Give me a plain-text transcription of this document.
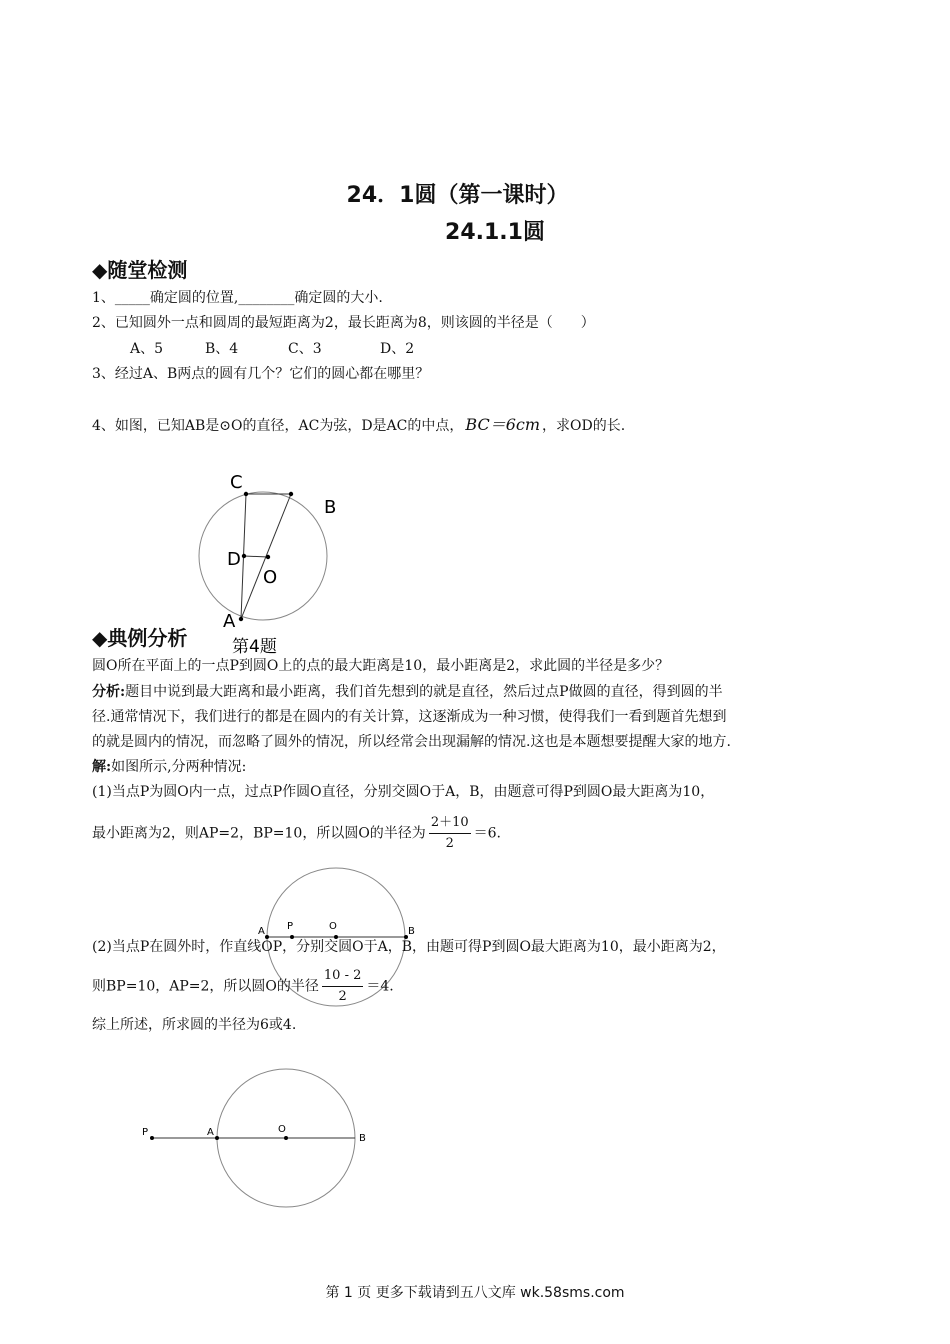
24．1圆（第一课时）
24.1.1圆
◆随堂检测
1、_____确定圆的位置,________确定圆的大小.
2、已知圆外一点和圆周的最短距离为2，最长距离为8，则该圆的半径是（　　）
A、5	B、4	C、3	D、2
3、经过A、B两点的圆有几个？它们的圆心都在哪里？
4、如图，已知AB是⊙O的直径，AC为弦，D是AC的中点， BC＝6cm ，求OD的长.
C
B
D
O
A
第4题
◆典例分析
圆O所在平面上的一点P到圆O上的点的最大距离是10，最小距离是2，求此圆的半径是多少？
分析:题目中说到最大距离和最小距离，我们首先想到的就是直径，然后过点P做圆的直径，得到圆的半
径.通常情况下，我们进行的都是在圆内的有关计算，这逐渐成为一种习惯，使得我们一看到题首先想到
的就是圆内的情况，而忽略了圆外的情况，所以经常会出现漏解的情况.这也是本题想要提醒大家的地方.
解:如图所示,分两种情况:
(1)当点P为圆O内一点，过点P作圆O直径，分别交圆O于A，B，由题意可得P到圆O最大距离为10，
最小距离为2，则AP=2，BP=10，所以圆O的半径为 $\frac{2+10}{2} =6$.
A P	O	B
(2)当点P在圆外时，作直线OP，分别交圆O于A，B，由题可得P到圆O最大距离为10，最小距离为2，
则BP=10，AP=2，所以圆O的半径 $\frac{10 - 2}{2} =4$.
综上所述，所求圆的半径为6或4.
P	A	O
B
第 1 页 更多下载请到五八文库 wk.58sms.com
